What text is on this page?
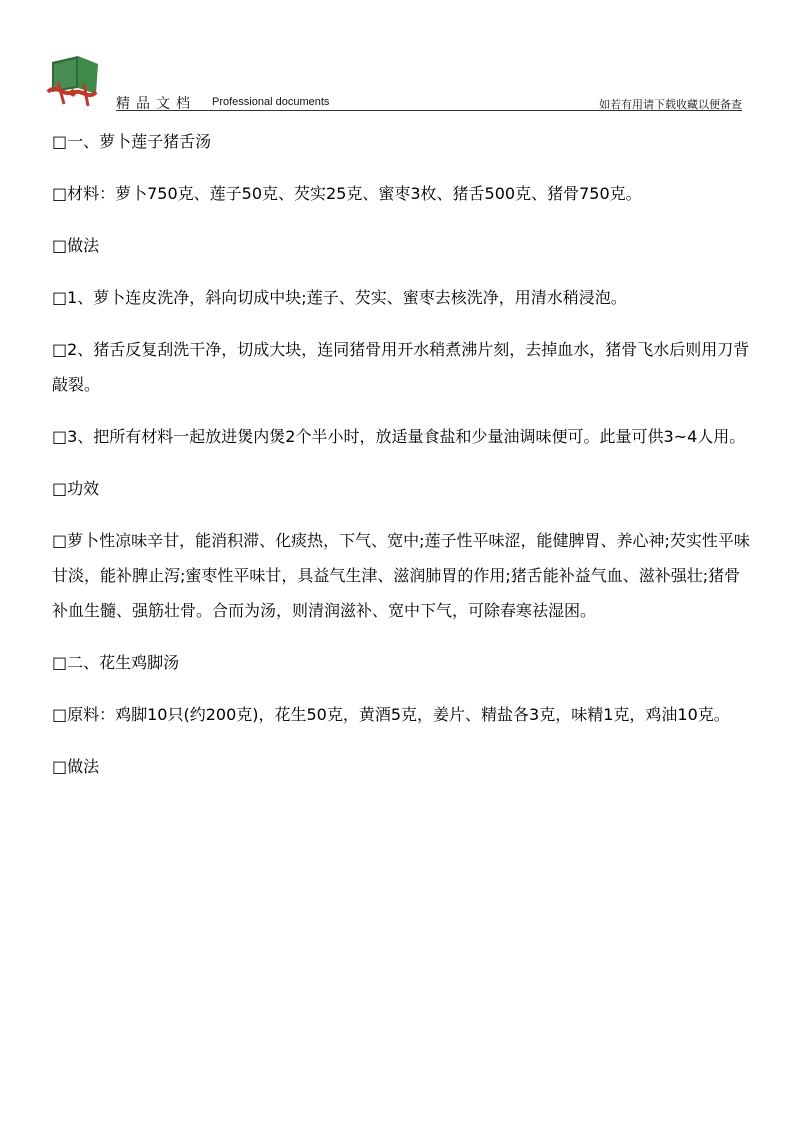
精品文档 Professional documents	如若有用请下载收藏以便备查

□一、萝卜莲子猪舌汤

□材料：萝卜750克、莲子50克、芡实25克、蜜枣3枚、猪舌500克、猪骨750克。

□做法

□1、萝卜连皮洗净，斜向切成中块;莲子、芡实、蜜枣去核洗净，用清水稍浸泡。

□2、猪舌反复刮洗干净，切成大块，连同猪骨用开水稍煮沸片刻，去掉血水，猪骨飞水后则用刀背敲裂。

□3、把所有材料一起放进煲内煲2个半小时，放适量食盐和少量油调味便可。此量可供3~4人用。

□功效

□萝卜性凉味辛甘，能消积滞、化痰热，下气、宽中;莲子性平味涩，能健脾胃、养心神;芡实性平味甘淡，能补脾止泻;蜜枣性平味甘，具益气生津、滋润肺胃的作用;猪舌能补益气血、滋补强壮;猪骨补血生髓、强筋壮骨。合而为汤，则清润滋补、宽中下气，可除春寒祛湿困。

□二、花生鸡脚汤

□原料：鸡脚10只(约200克)，花生50克，黄酒5克，姜片、精盐各3克，味精1克，鸡油10克。

□做法
